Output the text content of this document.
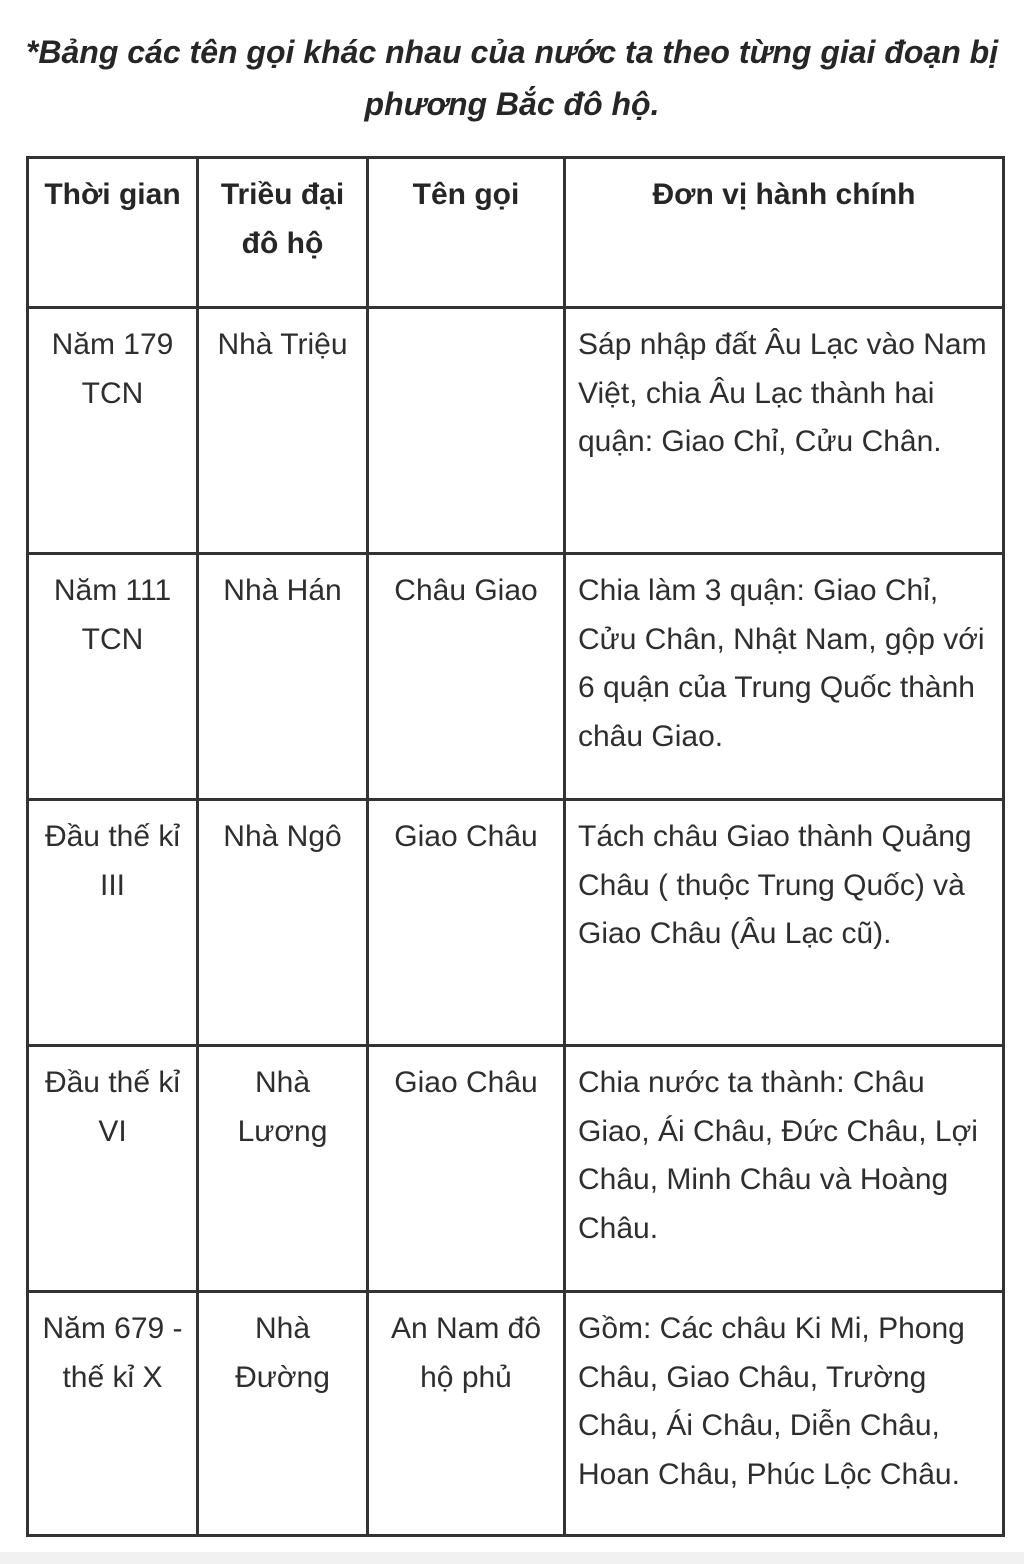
*Bảng các tên gọi khác nhau của nước ta theo từng giai đoạn bị phương Bắc đô hộ.
Thời gian	Triều đại đô hộ	Tên gọi	Đơn vị hành chính
Năm 179 TCN	Nhà Triệu		Sáp nhập đất Âu Lạc vào Nam Việt, chia Âu Lạc thành hai quận: Giao Chỉ, Cửu Chân.
Năm 111 TCN	Nhà Hán	Châu Giao	Chia làm 3 quận: Giao Chỉ, Cửu Chân, Nhật Nam, gộp với 6 quận của Trung Quốc thành châu Giao.
Đầu thế kỉ III	Nhà Ngô	Giao Châu	Tách châu Giao thành Quảng Châu ( thuộc Trung Quốc) và Giao Châu (Âu Lạc cũ).
Đầu thế kỉ VI	Nhà Lương	Giao Châu	Chia nước ta thành: Châu Giao, Ái Châu, Đức Châu, Lợi Châu, Minh Châu và Hoàng Châu.
Năm 679 - thế kỉ X	Nhà Đường	An Nam đô hộ phủ	Gồm: Các châu Ki Mi, Phong Châu, Giao Châu, Trường Châu, Ái Châu, Diễn Châu, Hoan Châu, Phúc Lộc Châu.
